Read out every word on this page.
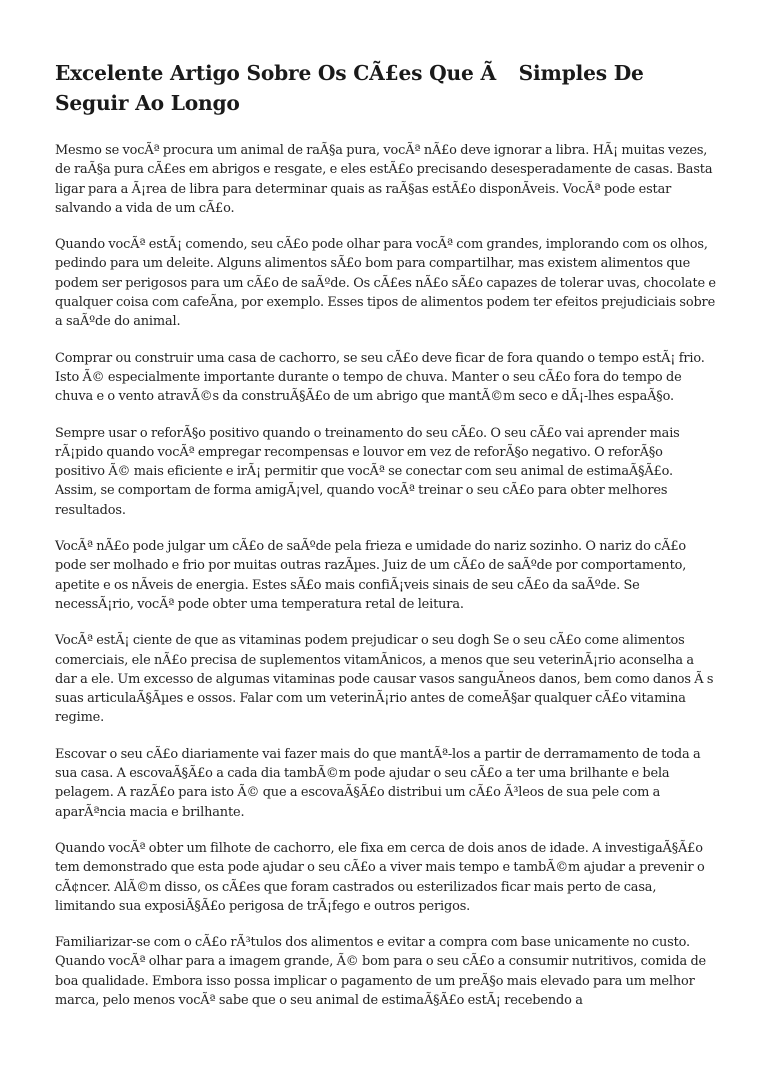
Excelente Artigo Sobre Os CÃ£es Que Ã Simples De Seguir Ao Longo

Mesmo se vocÃª procura um animal de raÃ§a pura, vocÃª nÃ£o deve ignorar a libra. HÃ¡ muitas vezes, de raÃ§a pura cÃ£es em abrigos e resgate, e eles estÃ£o precisando desesperadamente de casas. Basta ligar para a Ã¡rea de libra para determinar quais as raÃ§as estÃ£o disponÃveis. VocÃª pode estar salvando a vida de um cÃ£o.

Quando vocÃª estÃ¡ comendo, seu cÃ£o pode olhar para vocÃª com grandes, implorando com os olhos, pedindo para um deleite. Alguns alimentos sÃ£o bom para compartilhar, mas existem alimentos que podem ser perigosos para um cÃ£o de saÃºde. Os cÃ£es nÃ£o sÃ£o capazes de tolerar uvas, chocolate e qualquer coisa com cafeÃna, por exemplo. Esses tipos de alimentos podem ter efeitos prejudiciais sobre a saÃºde do animal.

Comprar ou construir uma casa de cachorro, se seu cÃ£o deve ficar de fora quando o tempo estÃ¡ frio. Isto Ã© especialmente importante durante o tempo de chuva. Manter o seu cÃ£o fora do tempo de chuva e o vento atravÃ©s da construÃ§Ã£o de um abrigo que mantÃ©m seco e dÃ¡-lhes espaÃ§o.

Sempre usar o reforÃ§o positivo quando o treinamento do seu cÃ£o. O seu cÃ£o vai aprender mais rÃ¡pido quando vocÃª empregar recompensas e louvor em vez de reforÃ§o negativo. O reforÃ§o positivo Ã© mais eficiente e irÃ¡ permitir que vocÃª se conectar com seu animal de estimaÃ§Ã£o. Assim, se comportam de forma amigÃ¡vel, quando vocÃª treinar o seu cÃ£o para obter melhores resultados.

VocÃª nÃ£o pode julgar um cÃ£o de saÃºde pela frieza e umidade do nariz sozinho. O nariz do cÃ£o pode ser molhado e frio por muitas outras razÃµes. Juiz de um cÃ£o de saÃºde por comportamento, apetite e os nÃveis de energia. Estes sÃ£o mais confiÃ¡veis sinais de seu cÃ£o da saÃºde. Se necessÃ¡rio, vocÃª pode obter uma temperatura retal de leitura.

VocÃª estÃ¡ ciente de que as vitaminas podem prejudicar o seu dogh Se o seu cÃ£o come alimentos comerciais, ele nÃ£o precisa de suplementos vitamÃnicos, a menos que seu veterinÃ¡rio aconselha a dar a ele. Um excesso de algumas vitaminas pode causar vasos sanguÃneos danos, bem como danos Ã s suas articulaÃ§Ãµes e ossos. Falar com um veterinÃ¡rio antes de comeÃ§ar qualquer cÃ£o vitamina regime.

Escovar o seu cÃ£o diariamente vai fazer mais do que mantÃª-los a partir de derramamento de toda a sua casa. A escovaÃ§Ã£o a cada dia tambÃ©m pode ajudar o seu cÃ£o a ter uma brilhante e bela pelagem. A razÃ£o para isto Ã© que a escovaÃ§Ã£o distribui um cÃ£o Ã³leos de sua pele com a aparÃªncia macia e brilhante.

Quando vocÃª obter um filhote de cachorro, ele fixa em cerca de dois anos de idade. A investigaÃ§Ã£o tem demonstrado que esta pode ajudar o seu cÃ£o a viver mais tempo e tambÃ©m ajudar a prevenir o cÃ¢ncer. AlÃ©m disso, os cÃ£es que foram castrados ou esterilizados ficar mais perto de casa, limitando sua exposiÃ§Ã£o perigosa de trÃ¡fego e outros perigos.

Familiarizar-se com o cÃ£o rÃ³tulos dos alimentos e evitar a compra com base unicamente no custo. Quando vocÃª olhar para a imagem grande, Ã© bom para o seu cÃ£o a consumir nutritivos, comida de boa qualidade. Embora isso possa implicar o pagamento de um preÃ§o mais elevado para um melhor marca, pelo menos vocÃª sabe que o seu animal de estimaÃ§Ã£o estÃ¡ recebendo a
